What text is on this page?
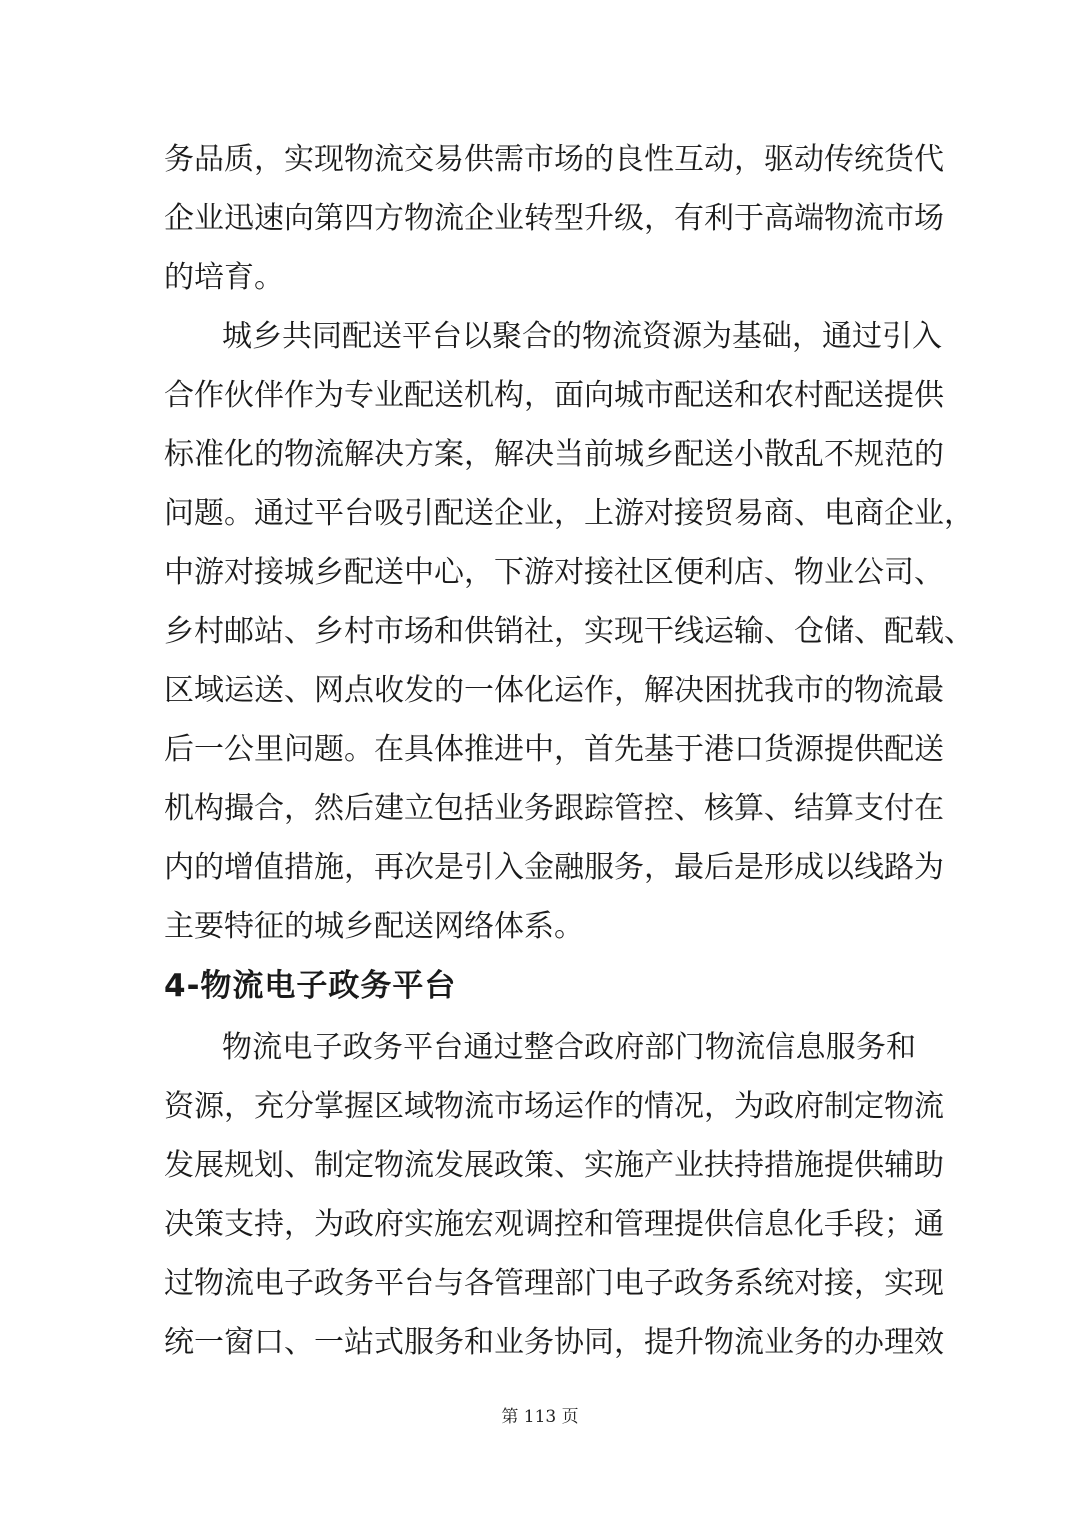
务品质，实现物流交易供需市场的良性互动，驱动传统货代
企业迅速向第四方物流企业转型升级，有利于高端物流市场
的培育。
城乡共同配送平台以聚合的物流资源为基础，通过引入
合作伙伴作为专业配送机构，面向城市配送和农村配送提供
标准化的物流解决方案，解决当前城乡配送小散乱不规范的
问题。通过平台吸引配送企业，上游对接贸易商、电商企业，
中游对接城乡配送中心，下游对接社区便利店、物业公司、
乡村邮站、乡村市场和供销社，实现干线运输、仓储、配载、
区域运送、网点收发的一体化运作，解决困扰我市的物流最
后一公里问题。在具体推进中，首先基于港口货源提供配送
机构撮合，然后建立包括业务跟踪管控、核算、结算支付在
内的增值措施，再次是引入金融服务，最后是形成以线路为
主要特征的城乡配送网络体系。
4-物流电子政务平台
物流电子政务平台通过整合政府部门物流信息服务和
资源，充分掌握区域物流市场运作的情况，为政府制定物流
发展规划、制定物流发展政策、实施产业扶持措施提供辅助
决策支持，为政府实施宏观调控和管理提供信息化手段；通
过物流电子政务平台与各管理部门电子政务系统对接，实现
统一窗口、一站式服务和业务协同，提升物流业务的办理效
第 113 页
